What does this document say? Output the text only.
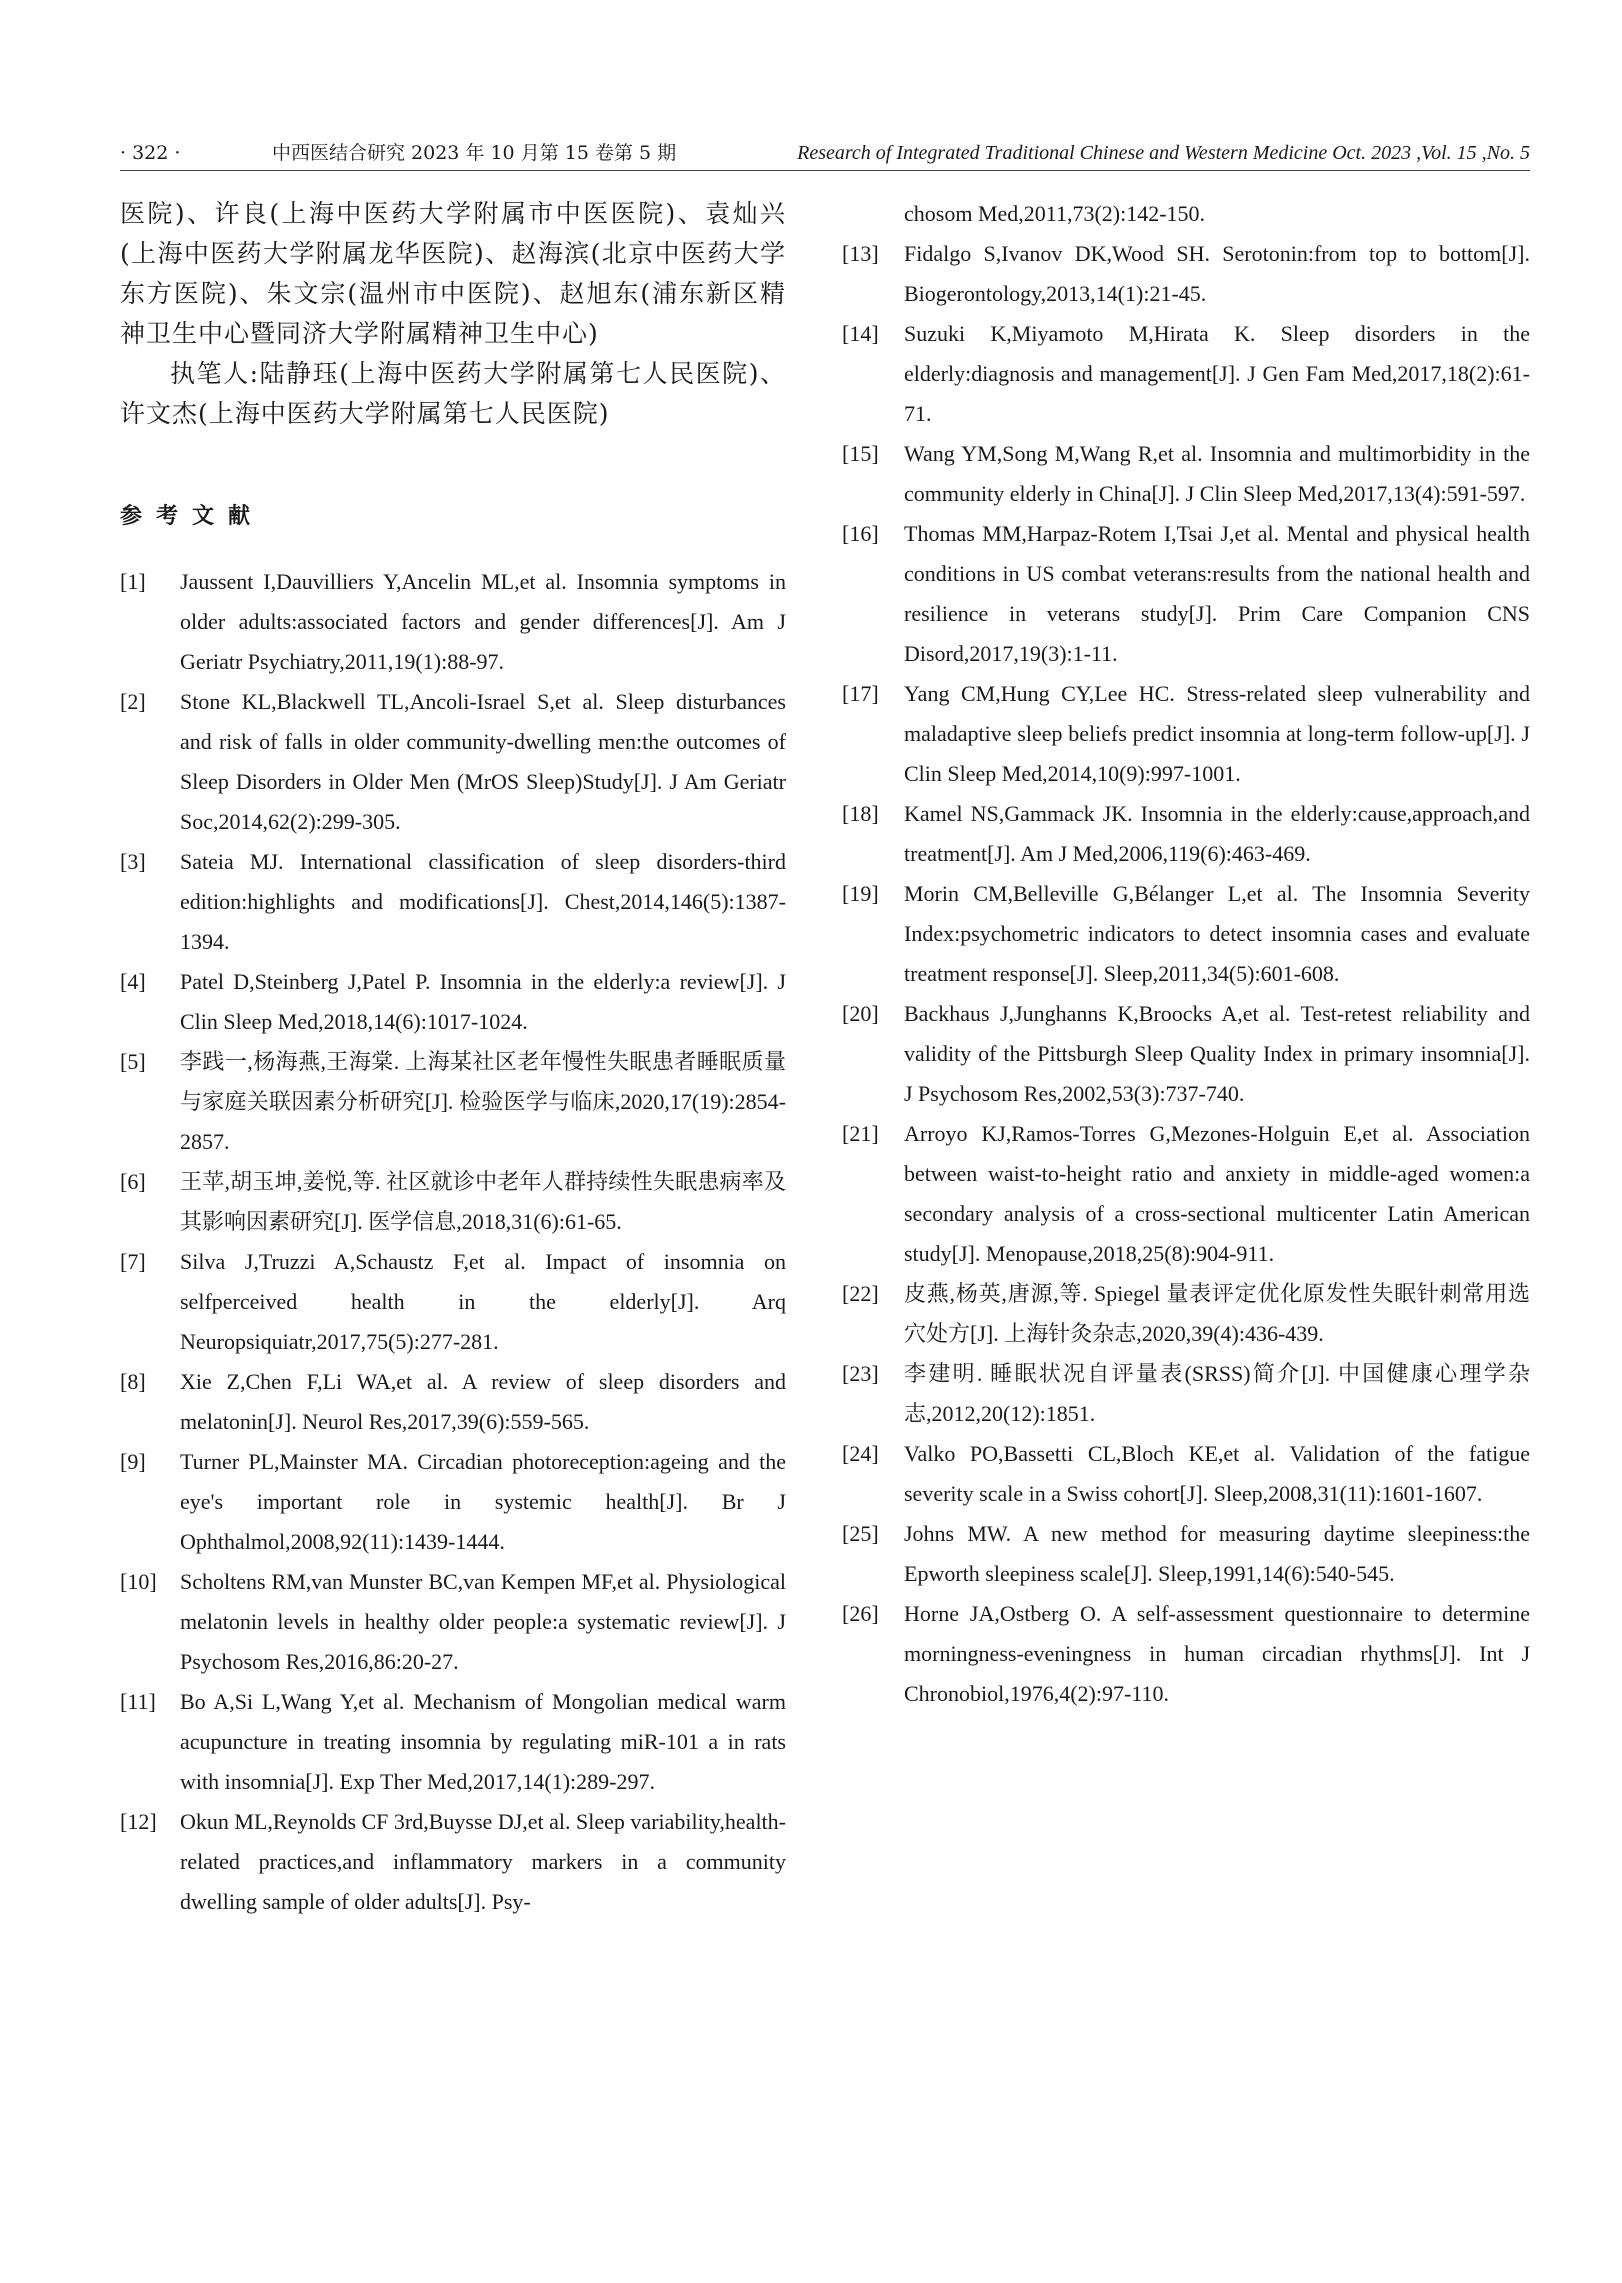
· 322 ·	中西医结合研究 2023 年 10 月第 15 卷第 5 期	Research of Integrated Traditional Chinese and Western Medicine Oct. 2023 ,Vol. 15 ,No. 5

医院)、许良(上海中医药大学附属市中医医院)、袁灿兴(上海中医药大学附属龙华医院)、赵海滨(北京中医药大学东方医院)、朱文宗(温州市中医院)、赵旭东(浦东新区精神卫生中心暨同济大学附属精神卫生中心)

执笔人:陆静珏(上海中医药大学附属第七人民医院)、许文杰(上海中医药大学附属第七人民医院)

参考文献

[1] Jaussent I,Dauvilliers Y,Ancelin ML,et al. Insomnia symptoms in older adults:associated factors and gender differences[J]. Am J Geriatr Psychiatry,2011,19(1):88-97.

[2] Stone KL,Blackwell TL,Ancoli-Israel S,et al. Sleep disturbances and risk of falls in older community-dwelling men:the outcomes of Sleep Disorders in Older Men (MrOS Sleep)Study[J]. J Am Geriatr Soc,2014,62(2):299-305.

[3] Sateia MJ. International classification of sleep disorders-third edition:highlights and modifications[J]. Chest,2014,146(5):1387-1394.

[4] Patel D,Steinberg J,Patel P. Insomnia in the elderly:a review[J]. J Clin Sleep Med,2018,14(6):1017-1024.

[5] 李践一,杨海燕,王海棠. 上海某社区老年慢性失眠患者睡眠质量与家庭关联因素分析研究[J]. 检验医学与临床,2020,17(19):2854-2857.

[6] 王苹,胡玉坤,姜悦,等. 社区就诊中老年人群持续性失眠患病率及其影响因素研究[J]. 医学信息,2018,31(6):61-65.

[7] Silva J,Truzzi A,Schaustz F,et al. Impact of insomnia on selfperceived health in the elderly[J]. Arq Neuropsiquiatr,2017,75(5):277-281.

[8] Xie Z,Chen F,Li WA,et al. A review of sleep disorders and melatonin[J]. Neurol Res,2017,39(6):559-565.

[9] Turner PL,Mainster MA. Circadian photoreception:ageing and the eye's important role in systemic health[J]. Br J Ophthalmol,2008,92(11):1439-1444.

[10] Scholtens RM,van Munster BC,van Kempen MF,et al. Physiological melatonin levels in healthy older people:a systematic review[J]. J Psychosom Res,2016,86:20-27.

[11] Bo A,Si L,Wang Y,et al. Mechanism of Mongolian medical warm acupuncture in treating insomnia by regulating miR-101 a in rats with insomnia[J]. Exp Ther Med,2017,14(1):289-297.

[12] Okun ML,Reynolds CF 3rd,Buysse DJ,et al. Sleep variability,health-related practices,and inflammatory markers in a community dwelling sample of older adults[J]. Psy-

chosom Med,2011,73(2):142-150.

[13] Fidalgo S,Ivanov DK,Wood SH. Serotonin:from top to bottom[J]. Biogerontology,2013,14(1):21-45.

[14] Suzuki K,Miyamoto M,Hirata K. Sleep disorders in the elderly:diagnosis and management[J]. J Gen Fam Med,2017,18(2):61-71.

[15] Wang YM,Song M,Wang R,et al. Insomnia and multimorbidity in the community elderly in China[J]. J Clin Sleep Med,2017,13(4):591-597.

[16] Thomas MM,Harpaz-Rotem I,Tsai J,et al. Mental and physical health conditions in US combat veterans:results from the national health and resilience in veterans study[J]. Prim Care Companion CNS Disord,2017,19(3):1-11.

[17] Yang CM,Hung CY,Lee HC. Stress-related sleep vulnerability and maladaptive sleep beliefs predict insomnia at long-term follow-up[J]. J Clin Sleep Med,2014,10(9):997-1001.

[18] Kamel NS,Gammack JK. Insomnia in the elderly:cause,approach,and treatment[J]. Am J Med,2006,119(6):463-469.

[19] Morin CM,Belleville G,Bélanger L,et al. The Insomnia Severity Index:psychometric indicators to detect insomnia cases and evaluate treatment response[J]. Sleep,2011,34(5):601-608.

[20] Backhaus J,Junghanns K,Broocks A,et al. Test-retest reliability and validity of the Pittsburgh Sleep Quality Index in primary insomnia[J]. J Psychosom Res,2002,53(3):737-740.

[21] Arroyo KJ,Ramos-Torres G,Mezones-Holguin E,et al. Association between waist-to-height ratio and anxiety in middle-aged women:a secondary analysis of a cross-sectional multicenter Latin American study[J]. Menopause,2018,25(8):904-911.

[22] 皮燕,杨英,唐源,等. Spiegel 量表评定优化原发性失眠针刺常用选穴处方[J]. 上海针灸杂志,2020,39(4):436-439.

[23] 李建明. 睡眠状况自评量表(SRSS)简介[J]. 中国健康心理学杂志,2012,20(12):1851.

[24] Valko PO,Bassetti CL,Bloch KE,et al. Validation of the fatigue severity scale in a Swiss cohort[J]. Sleep,2008,31(11):1601-1607.

[25] Johns MW. A new method for measuring daytime sleepiness:the Epworth sleepiness scale[J]. Sleep,1991,14(6):540-545.

[26] Horne JA,Ostberg O. A self-assessment questionnaire to determine morningness-eveningness in human circadian rhythms[J]. Int J Chronobiol,1976,4(2):97-110.
